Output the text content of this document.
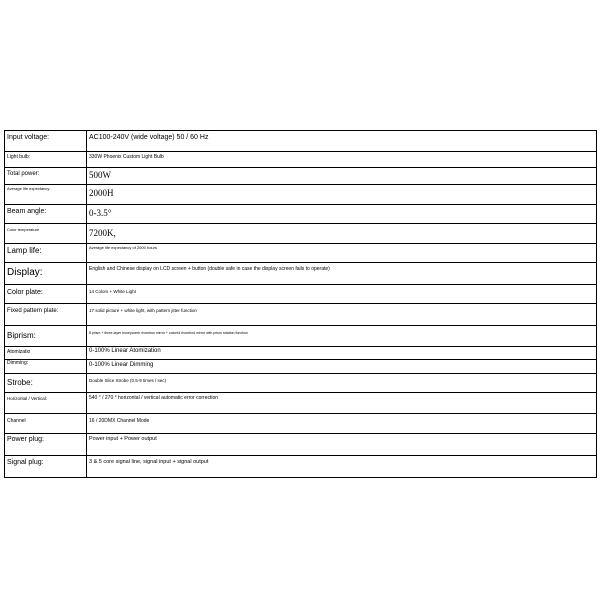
Input voltage:	AC100-240V (wide voltage) 50 / 60 Hz
Light bulb:	330W Phoenix Custom Light Bulb
Total power:	500W
Average life expectancy:	2000H
Beam angle:	0-3.5°
Color temperature	7200K,
Lamp life:	Average life expectancy of 2000 hours
Display:	English and Chinese display on LCD screen + button (double safe in case the display screen fails to operate)
Color plate:	14 Colors + White Light
Fixed pattern plate:	17 solid picture + white light, with pattern jitter function
Biprism:	8 prism + three-layer honeycomb rhombus mirror + colorful rhombod mirror with prism rotation function
Atomizatio	0-100% Linear Atomization
Dimming:	0-100% Linear Dimming
Strobe:	Double Slice Strobe (0.5-9 times / sec)
Horizontal / Vertical:	540 ° / 270 ° horizontal / vertical automatic error correction
Channel	16 / 20DMX Channel Mode
Power plug:	Power input + Power output
Signal plug:	3 & 5 core signal line, signal input + signal output
